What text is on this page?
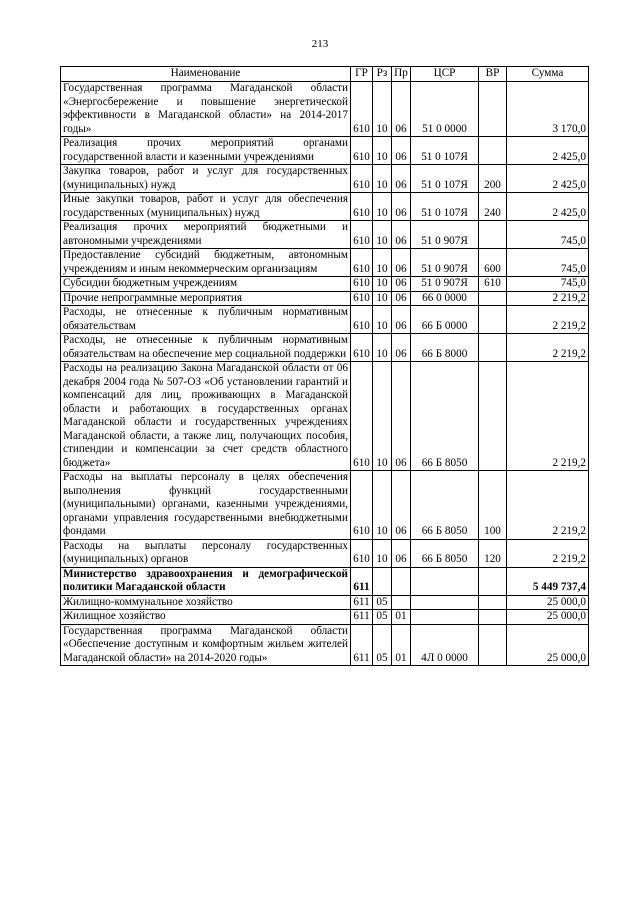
213
Наименование	ГР	Рз	Пр	ЦСР	ВР	Сумма
Государственная программа Магаданской области «Энергосбережение и повышение энергетической эффективности в Магаданской области» на 2014-2017 годы»	610	10	06	51 0 0000		3 170,0
Реализация прочих мероприятий органами государственной власти и казенными учреждениями	610	10	06	51 0 107Я		2 425,0
Закупка товаров, работ и услуг для государственных (муниципальных) нужд	610	10	06	51 0 107Я	200	2 425,0
Иные закупки товаров, работ и услуг для обеспечения государственных (муниципальных) нужд	610	10	06	51 0 107Я	240	2 425,0
Реализация прочих мероприятий бюджетными и автономными учреждениями	610	10	06	51 0 907Я		745,0
Предоставление субсидий бюджетным, автономным учреждениям и иным некоммерческим организациям	610	10	06	51 0 907Я	600	745,0
Субсидии бюджетным учреждениям	610	10	06	51 0 907Я	610	745,0
Прочие непрограммные мероприятия	610	10	06	66 0 0000		2 219,2
Расходы, не отнесенные к публичным нормативным обязательствам	610	10	06	66 Б 0000		2 219,2
Расходы, не отнесенные к публичным нормативным обязательствам на обеспечение мер социальной поддержки	610	10	06	66 Б 8000		2 219,2
Расходы на реализацию Закона Магаданской области от 06 декабря 2004 года № 507-ОЗ «Об установлении гарантий и компенсаций для лиц, проживающих в Магаданской области и работающих в государственных органах Магаданской области и государственных учреждениях Магаданской области, а также лиц, получающих пособия, стипендии и компенсации за счет средств областного бюджета»	610	10	06	66 Б 8050		2 219,2
Расходы на выплаты персоналу в целях обеспечения выполнения функций государственными (муниципальными) органами, казенными учреждениями, органами управления государственными внебюджетными фондами	610	10	06	66 Б 8050	100	2 219,2
Расходы на выплаты персоналу государственных (муниципальных) органов	610	10	06	66 Б 8050	120	2 219,2
Министерство здравоохранения и демографической политики Магаданской области	611					5 449 737,4
Жилищно-коммунальное хозяйство	611	05				25 000,0
Жилищное хозяйство	611	05	01			25 000,0
Государственная программа Магаданской области «Обеспечение доступным и комфортным жильем жителей Магаданской области» на 2014-2020 годы»	611	05	01	4Л 0 0000		25 000,0
